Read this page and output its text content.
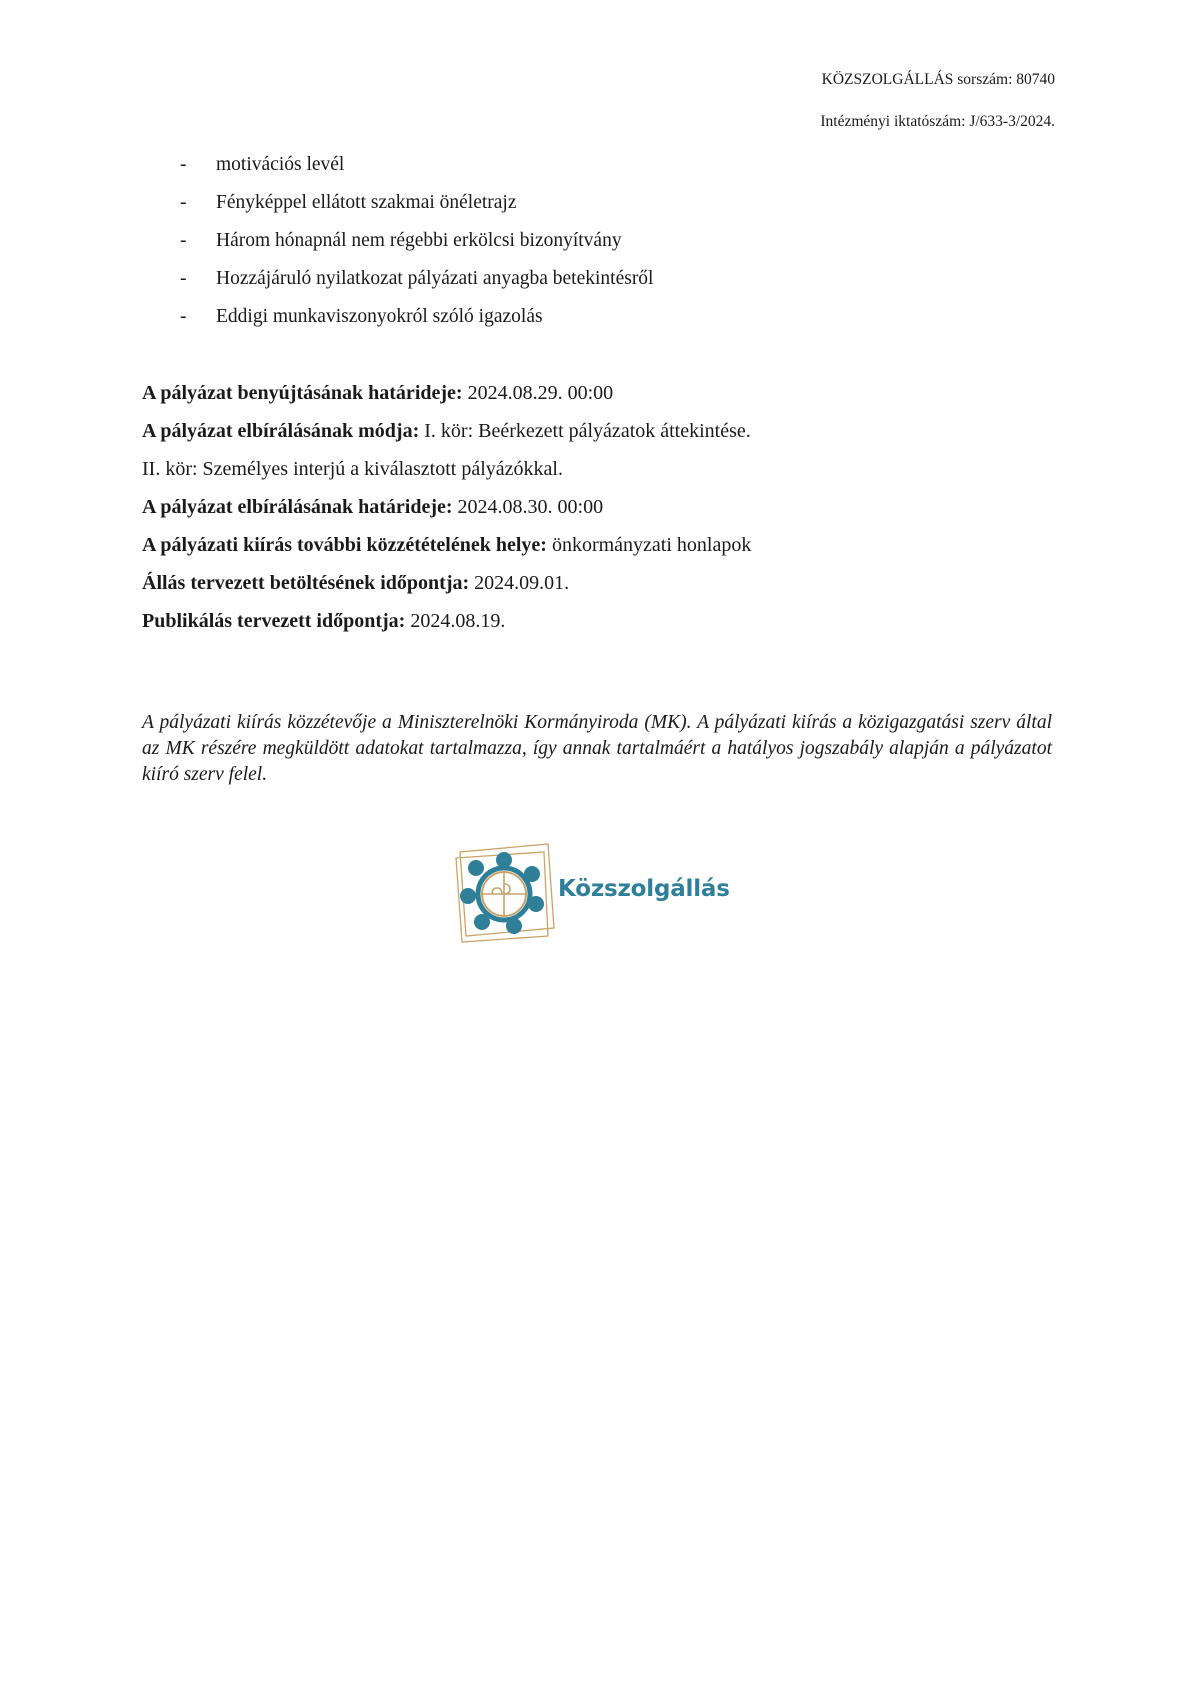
KÖZSZOLGÁLLÁS sorszám: 80740
Intézményi iktatószám: J/633-3/2024.
- motivációs levél
- Fényképpel ellátott szakmai önéletrajz
- Három hónapnál nem régebbi erkölcsi bizonyítvány
- Hozzájáruló nyilatkozat pályázati anyagba betekintésről
- Eddigi munkaviszonyokról szóló igazolás
A pályázat benyújtásának határideje: 2024.08.29. 00:00
A pályázat elbírálásának módja: I. kör: Beérkezett pályázatok áttekintése.
II. kör: Személyes interjú a kiválasztott pályázókkal.
A pályázat elbírálásának határideje: 2024.08.30. 00:00
A pályázati kiírás további közzétételének helye: önkormányzati honlapok
Állás tervezett betöltésének időpontja: 2024.09.01.
Publikálás tervezett időpontja: 2024.08.19.
A pályázati kiírás közzétevője a Miniszterelnöki Kormányiroda (MK). A pályázati kiírás a közigazgatási szerv által az MK részére megküldött adatokat tartalmazza, így annak tartalmáért a hatályos jogszabály alapján a pályázatot kiíró szerv felel.
Közszolgállás
